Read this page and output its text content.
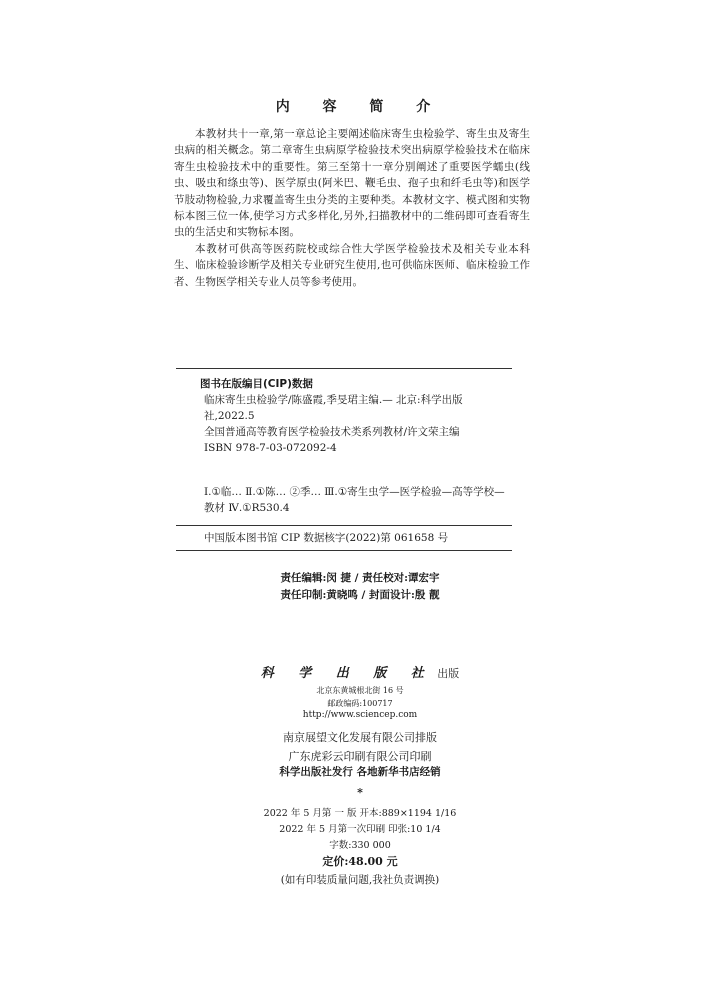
内 容 简 介

本教材共十一章,第一章总论主要阐述临床寄生虫检验学、寄生虫及寄生虫病的相关概念。第二章寄生虫病原学检验技术突出病原学检验技术在临床寄生虫检验技术中的重要性。第三至第十一章分别阐述了重要医学蠕虫(线虫、吸虫和绦虫等)、医学原虫(阿米巴、鞭毛虫、孢子虫和纤毛虫等)和医学节肢动物检验,力求覆盖寄生虫分类的主要种类。本教材文字、模式图和实物标本图三位一体,使学习方式多样化,另外,扫描教材中的二维码即可查看寄生虫的生活史和实物标本图。

本教材可供高等医药院校或综合性大学医学检验技术及相关专业本科生、临床检验诊断学及相关专业研究生使用,也可供临床医师、临床检验工作者、生物医学相关专业人员等参考使用。

图书在版编目(CIP)数据
临床寄生虫检验学/陈盛霞,季旻珺主编.— 北京:科学出版社,2022.5
全国普通高等教育医学检验技术类系列教材/许文荣主编
ISBN 978-7-03-072092-4
Ⅰ.①临… Ⅱ.①陈… ②季… Ⅲ.①寄生虫学—医学检验—高等学校—教材 Ⅳ.①R530.4
中国版本图书馆 CIP 数据核字(2022)第 061658 号
责任编辑:闵 捷 / 责任校对:谭宏宇
责任印制:黄晓鸣 / 封面设计:殷 靓
科 学 出 版 社 出版
北京东黄城根北街 16 号
邮政编码:100717
http://www.sciencep.com
南京展望文化发展有限公司排版
广东虎彩云印刷有限公司印刷
科学出版社发行 各地新华书店经销
*
2022 年 5 月第 一 版 开本:889×1194 1/16
2022 年 5 月第一次印刷 印张:10 1/4
字数:330 000
定价:48.00 元
(如有印装质量问题,我社负责调换)
